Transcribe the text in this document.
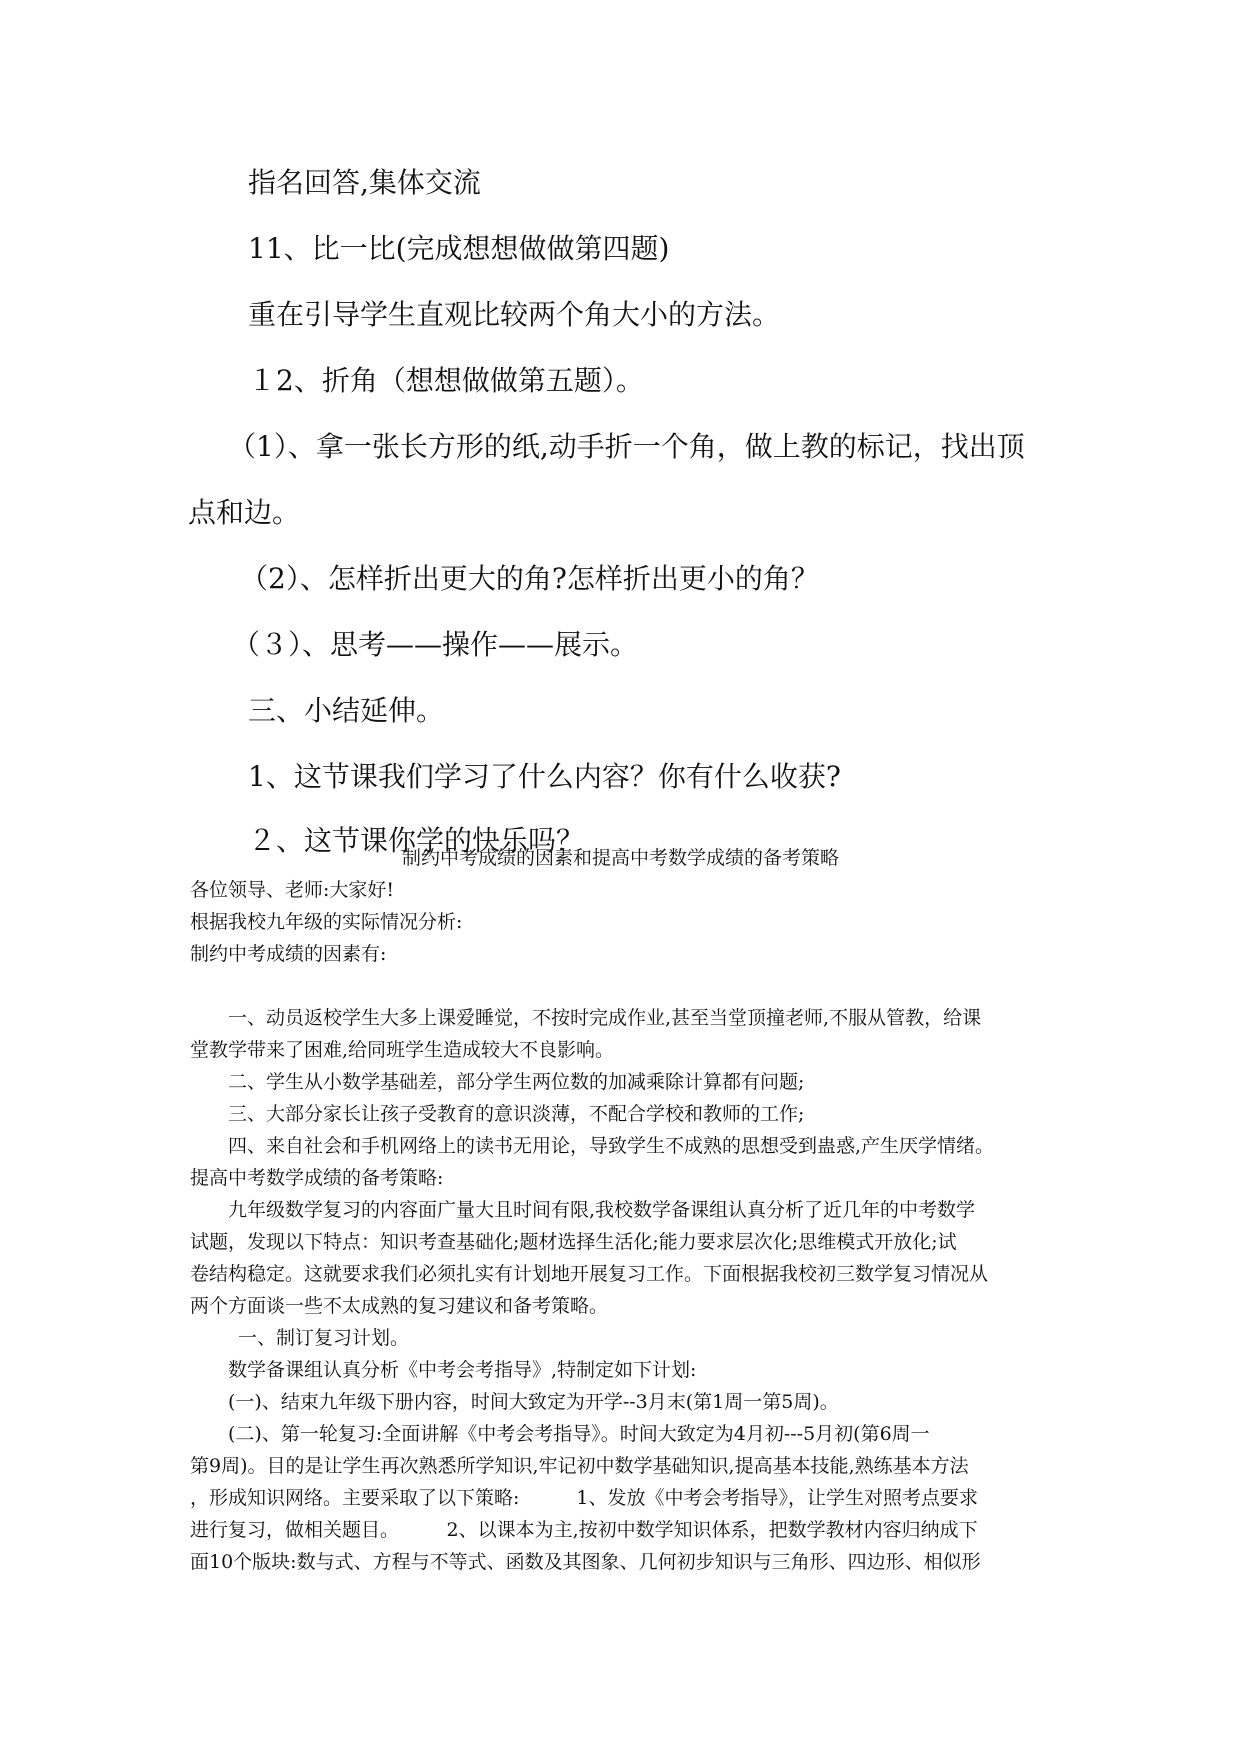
指名回答,集体交流
11、比一比(完成想想做做第四题)
重在引导学生直观比较两个角大小的方法。
１2、折角（想想做做第五题）。
（1）、拿一张长方形的纸,动手折一个角，做上教的标记，找出顶
点和边。
（2）、怎样折出更大的角?怎样折出更小的角？
（３）、思考——操作——展示。
三、小结延伸。
1、这节课我们学习了什么内容？你有什么收获?
２、这节课你学的快乐吗？
制约中考成绩的因素和提高中考数学成绩的备考策略
各位领导、老师:大家好!
根据我校九年级的实际情况分析:
制约中考成绩的因素有:
一、动员返校学生大多上课爱睡觉，不按时完成作业,甚至当堂顶撞老师,不服从管教，给课
堂教学带来了困难,给同班学生造成较大不良影响。
二、学生从小数学基础差，部分学生两位数的加减乘除计算都有问题;
三、大部分家长让孩子受教育的意识淡薄，不配合学校和教师的工作;
四、来自社会和手机网络上的读书无用论，导致学生不成熟的思想受到蛊惑,产生厌学情绪。
提高中考数学成绩的备考策略:
九年级数学复习的内容面广量大且时间有限,我校数学备课组认真分析了近几年的中考数学
试题，发现以下特点：知识考查基础化;题材选择生活化;能力要求层次化;思维模式开放化;试
卷结构稳定。这就要求我们必须扎实有计划地开展复习工作。下面根据我校初三数学复习情况从
两个方面谈一些不太成熟的复习建议和备考策略。
一、制订复习计划。
数学备课组认真分析《中考会考指导》,特制定如下计划:
(一)、结束九年级下册内容，时间大致定为开学--3月末(第1周一第5周)。
(二)、第一轮复习:全面讲解《中考会考指导》。时间大致定为4月初---5月初(第6周一
第9周)。目的是让学生再次熟悉所学知识,牢记初中数学基础知识,提高基本技能,熟练基本方法
，形成知识网络。主要采取了以下策略:　　　1、发放《中考会考指导》，让学生对照考点要求
进行复习，做相关题目。　　　2、以课本为主,按初中数学知识体系，把数学教材内容归纳成下
面10个版块:数与式、方程与不等式、函数及其图象、几何初步知识与三角形、四边形、相似形
